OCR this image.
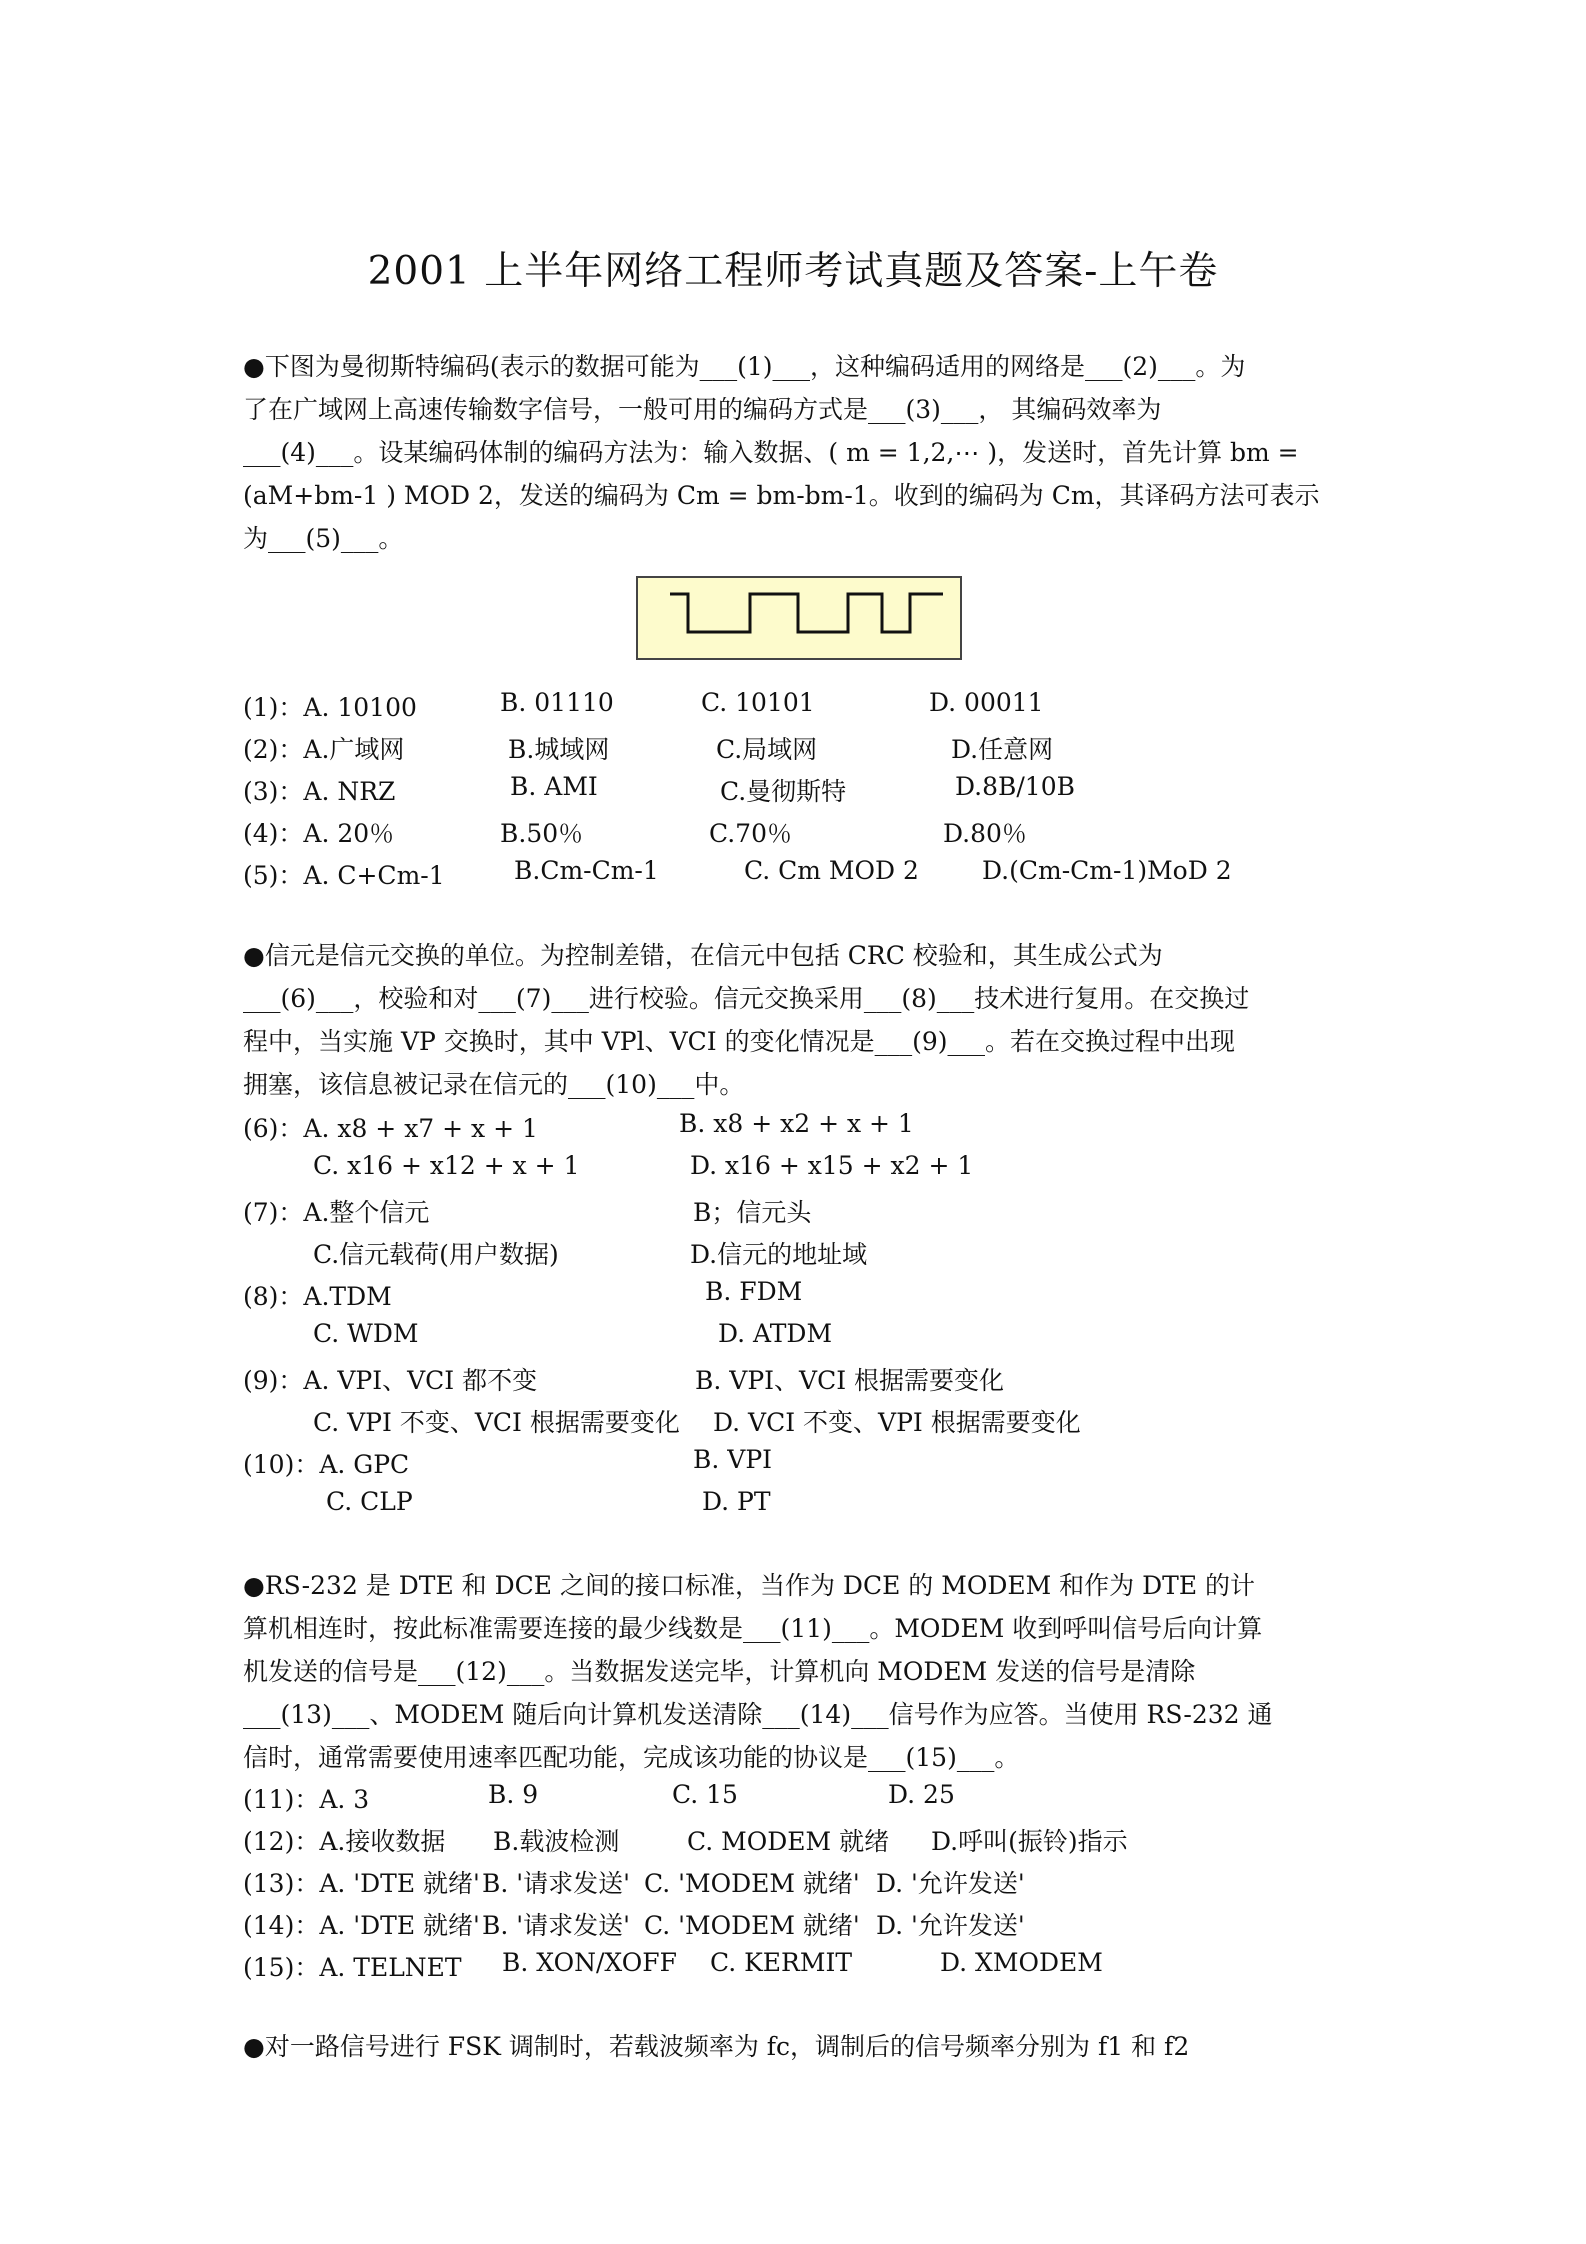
2001 上半年网络工程师考试真题及答案-上午卷

●下图为曼彻斯特编码(表示的数据可能为___(1)___，这种编码适用的网络是___(2)___。为
了在广域网上高速传输数字信号，一般可用的编码方式是___(3)___， 其编码效率为
___(4)___。设某编码体制的编码方法为：输入数据、( m = 1,2,⋯ )，发送时，首先计算 bm =
(aM+bm-1 ) MOD 2，发送的编码为 Cm = bm-bm-1。收到的编码为 Cm，其译码方法可表示
为___(5)___。

(1)：A. 10100	B. 01110	C. 10101	D. 00011
(2)：A.广域网	B.城域网	C.局域网	D.任意网
(3)：A. NRZ	B. AMI	C.曼彻斯特	D.8B/10B
(4)：A. 20％	B.50％	C.70％	D.80％
(5)：A. C+Cm-1	B.Cm-Cm-1	C. Cm MOD 2	D.(Cm-Cm-1)MoD 2

●信元是信元交换的单位。为控制差错，在信元中包括 CRC 校验和，其生成公式为
___(6)___，校验和对___(7)___进行校验。信元交换采用___(8)___技术进行复用。在交换过
程中，当实施 VP 交换时，其中 VPl、VCI 的变化情况是___(9)___。若在交换过程中出现
拥塞，该信息被记录在信元的___(10)___中。

(6)：A. x8 + x7 + x + 1	B. x8 + x2 + x + 1
C. x16 + x12 + x + 1	D. x16 + x15 + x2 + 1
(7)：A.整个信元	B；信元头
C.信元载荷(用户数据)	D.信元的地址域
(8)：A.TDM	B. FDM
C. WDM	D. ATDM
(9)：A. VPI、VCI 都不变	B. VPI、VCI 根据需要变化
C. VPI 不变、VCI 根据需要变化 D. VCI 不变、VPI 根据需要变化
(10)：A. GPC	B. VPI
C. CLP	D. PT

●RS-232 是 DTE 和 DCE 之间的接口标准，当作为 DCE 的 MODEM 和作为 DTE 的计
算机相连时，按此标准需要连接的最少线数是___(11)___。MODEM 收到呼叫信号后向计算
机发送的信号是___(12)___。当数据发送完毕，计算机向 MODEM 发送的信号是清除
___(13)___、MODEM 随后向计算机发送清除___(14)___信号作为应答。当使用 RS-232 通
信时，通常需要使用速率匹配功能，完成该功能的协议是___(15)___。

(11)：A. 3	B. 9	C. 15	D. 25
(12)：A.接收数据 B.载波检测	C. MODEM 就绪 D.呼叫(振铃)指示
(13)：A. 'DTE 就绪' B. '请求发送' C. 'MODEM 就绪' D. '允许发送'
(14)：A. 'DTE 就绪' B. '请求发送' C. 'MODEM 就绪' D. '允许发送'
(15)：A. TELNET B. XON/XOFF C. KERMIT	D. XMODEM

●对一路信号进行 FSK 调制时，若载波频率为 fc，调制后的信号频率分别为 f1 和 f2
